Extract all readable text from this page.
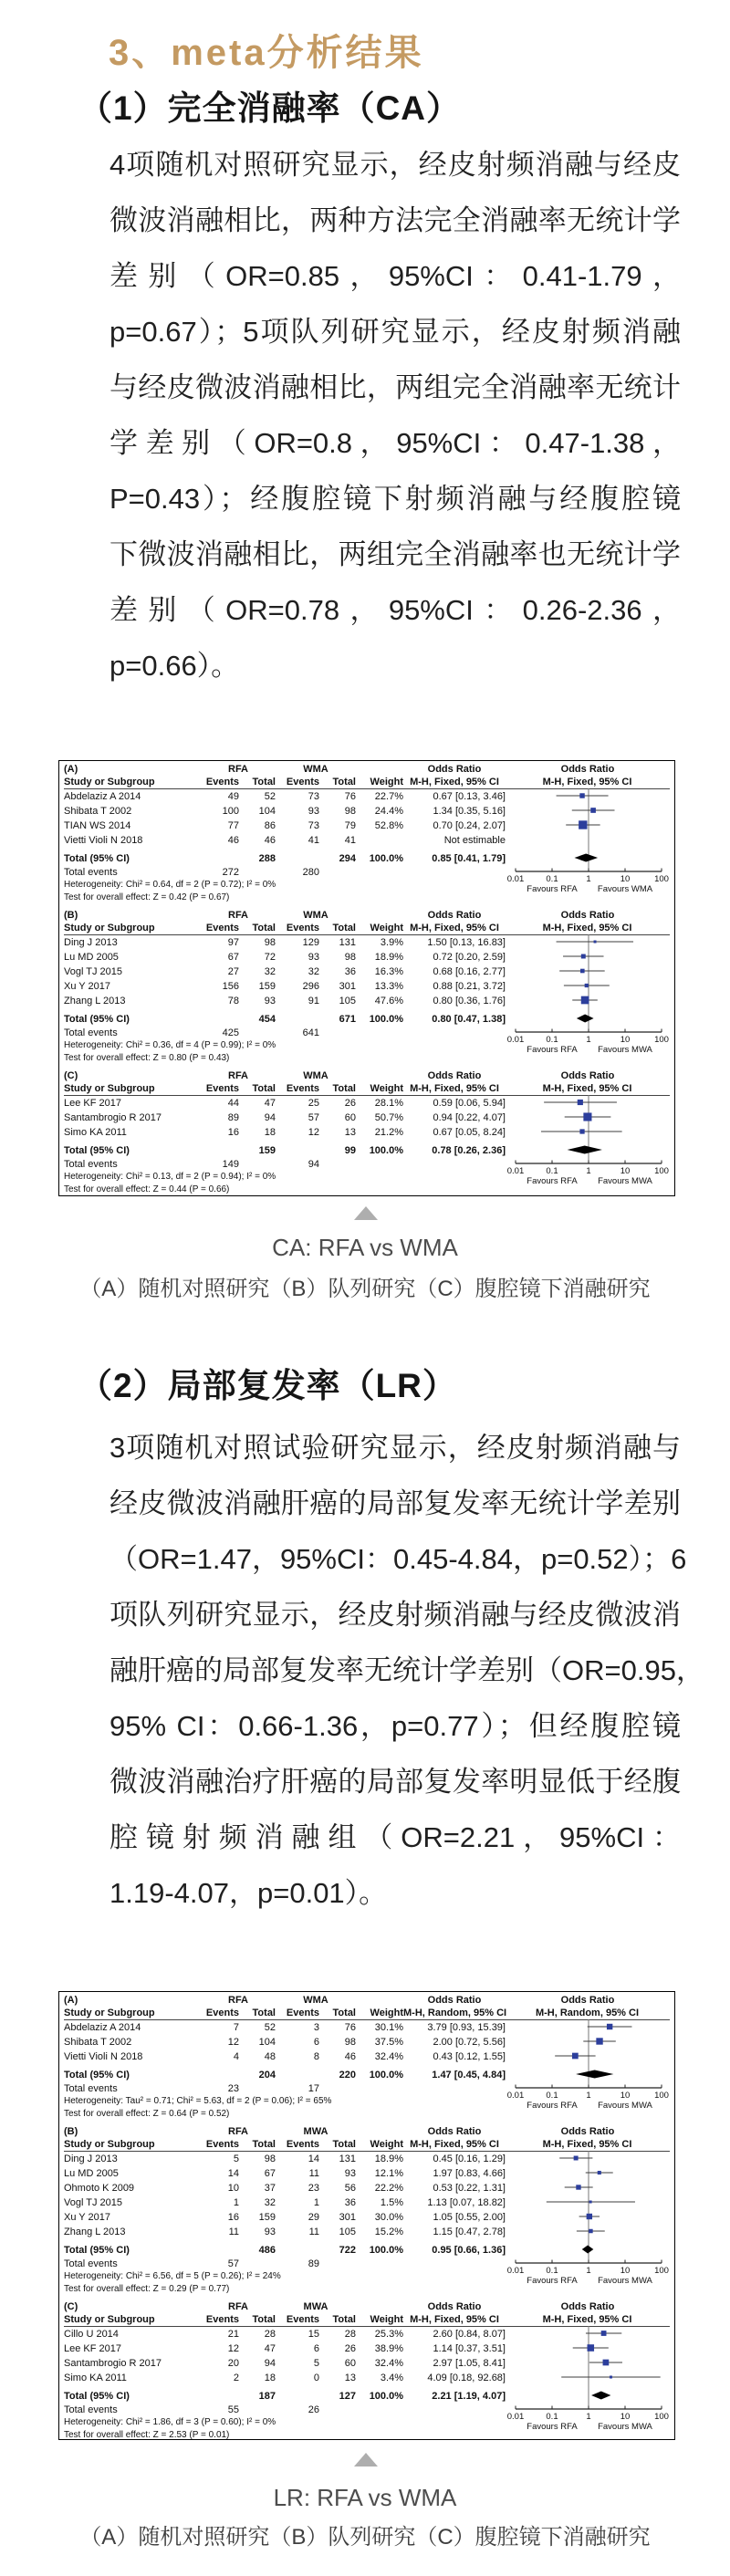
3、meta分析结果
（1）完全消融率（CA）
4项随机对照研究显示，经皮射频消融与经皮
微波消融相比，两种方法完全消融率无统计学
差别（OR=0.85，95%CI：0.41-1.79，
p=0.67）；5项队列研究显示，经皮射频消融
与经皮微波消融相比，两组完全消融率无统计
学差别（OR=0.8，95%CI：0.47-1.38，
P=0.43）；经腹腔镜下射频消融与经腹腔镜
下微波消融相比，两组完全消融率也无统计学
差别（OR=0.78，95%CI：0.26-2.36，
p=0.66）。
(A)	RFA	WMA	Odds Ratio	Odds Ratio
Study or Subgroup	Events	Total	Events	Total	Weight M-H, Fixed, 95% CI	M-H, Fixed, 95% CI
Abdelaziz A 2014	49	52	73	76	22.7%	0.67 [0.13, 3.46]
Shibata T 2002	100	104	93	98	24.4%	1.34 [0.35, 5.16]
TIAN WS 2014	77	86	73	79	52.8%	0.70 [0.24, 2.07]
Vietti Violi N 2018	46	46	41	41	Not estimable
Total (95% CI)	288	294	100.0%	0.85 [0.41, 1.79]
Total events	272	280
Heterogeneity: Chi² = 0.64, df = 2 (P = 0.72); I² = 0%
Test for overall effect: Z = 0.42 (P = 0.67)
0.01	0.1	1	10	100
Favours RFA Favours WMA
(B)	RFA	WMA	Odds Ratio	Odds Ratio
Study or Subgroup	Events	Total	Events	Total	Weight M-H, Fixed, 95% CI	M-H, Fixed, 95% CI
Ding J 2013	97	98	129	131	3.9%	1.50 [0.13, 16.83]
Lu MD 2005	67	72	93	98	18.9%	0.72 [0.20, 2.59]
Vogl TJ 2015	27	32	32	36	16.3%	0.68 [0.16, 2.77]
Xu Y 2017	156	159	296	301	13.3%	0.88 [0.21, 3.72]
Zhang L 2013	78	93	91	105	47.6%	0.80 [0.36, 1.76]
Total (95% CI)	454	671	100.0%	0.80 [0.47, 1.38]
Total events	425	641
Heterogeneity: Chi² = 0.36, df = 4 (P = 0.99); I² = 0%
Test for overall effect: Z = 0.80 (P = 0.43)
0.01	0.1	1	10	100
Favours RFA Favours MWA
(C)	RFA	WMA	Odds Ratio	Odds Ratio
Study or Subgroup	Events	Total	Events	Total	Weight M-H, Fixed, 95% CI	M-H, Fixed, 95% CI
Lee KF 2017	44	47	25	26	28.1%	0.59 [0.06, 5.94]
Santambrogio R 2017	89	94	57	60	50.7%	0.94 [0.22, 4.07]
Simo KA 2011	16	18	12	13	21.2%	0.67 [0.05, 8.24]
Total (95% CI)	159	99	100.0%	0.78 [0.26, 2.36]
Total events	149	94
Heterogeneity: Chi² = 0.13, df = 2 (P = 0.94); I² = 0%
Test for overall effect: Z = 0.44 (P = 0.66)
0.01	0.1	1	10	100
Favours RFA Favours MWA
CA: RFA vs WMA
（A）随机对照研究（B）队列研究（C）腹腔镜下消融研究
（2）局部复发率（LR）
3项随机对照试验研究显示，经皮射频消融与
经皮微波消融肝癌的局部复发率无统计学差别
（OR=1.47，95%CI：0.45-4.84，p=0.52）；6
项队列研究显示，经皮射频消融与经皮微波消
融肝癌的局部复发率无统计学差别（OR=0.95，
95% CI：0.66-1.36，p=0.77）；但经腹腔镜
微波消融治疗肝癌的局部复发率明显低于经腹
腔镜射频消融组（OR=2.21，95%CI：
1.19-4.07，p=0.01）。
(A)	RFA	WMA	Odds Ratio	Odds Ratio
Study or Subgroup	Events	Total	Events	Total	Weight M-H, Random, 95% CI	M-H, Random, 95% CI
Abdelaziz A 2014	7	52	3	76	30.1%	3.79 [0.93, 15.39]
Shibata T 2002	12	104	6	98	37.5%	2.00 [0.72, 5.56]
Vietti Violi N 2018	4	48	8	46	32.4%	0.43 [0.12, 1.55]
Total (95% CI)	204	220	100.0%	1.47 [0.45, 4.84]
Total events	23	17
Heterogeneity: Tau² = 0.71; Chi² = 5.63, df = 2 (P = 0.06); I² = 65%
Test for overall effect: Z = 0.64 (P = 0.52)
0.01	0.1	1	10	100
Favours RFA Favours MWA
(B)	RFA	MWA	Odds Ratio	Odds Ratio
Study or Subgroup	Events	Total	Events	Total	Weight M-H, Fixed, 95% CI	M-H, Fixed, 95% CI
Ding J 2013	5	98	14	131	18.9%	0.45 [0.16, 1.29]
Lu MD 2005	14	67	11	93	12.1%	1.97 [0.83, 4.66]
Ohmoto K 2009	10	37	23	56	22.2%	0.53 [0.22, 1.31]
Vogl TJ 2015	1	32	1	36	1.5%	1.13 [0.07, 18.82]
Xu Y 2017	16	159	29	301	30.0%	1.05 [0.55, 2.00]
Zhang L 2013	11	93	11	105	15.2%	1.15 [0.47, 2.78]
Total (95% CI)	486	722	100.0%	0.95 [0.66, 1.36]
Total events	57	89
Heterogeneity: Chi² = 6.56, df = 5 (P = 0.26); I² = 24%
Test for overall effect: Z = 0.29 (P = 0.77)
0.01	0.1	1	10	100
Favours RFA Favours MWA
(C)	RFA	MWA	Odds Ratio	Odds Ratio
Study or Subgroup	Events	Total	Events	Total	Weight M-H, Fixed, 95% CI	M-H, Fixed, 95% CI
Cillo U 2014	21	28	15	28	25.3%	2.60 [0.84, 8.07]
Lee KF 2017	12	47	6	26	38.9%	1.14 [0.37, 3.51]
Santambrogio R 2017	20	94	5	60	32.4%	2.97 [1.05, 8.41]
Simo KA 2011	2	18	0	13	3.4%	4.09 [0.18, 92.68]
Total (95% CI)	187	127	100.0%	2.21 [1.19, 4.07]
Total events	55	26
Heterogeneity: Chi² = 1.86, df = 3 (P = 0.60); I² = 0%
Test for overall effect: Z = 2.53 (P = 0.01)
0.01	0.1	1	10	100
Favours RFA Favours MWA
LR: RFA vs WMA
（A）随机对照研究（B）队列研究（C）腹腔镜下消融研究
